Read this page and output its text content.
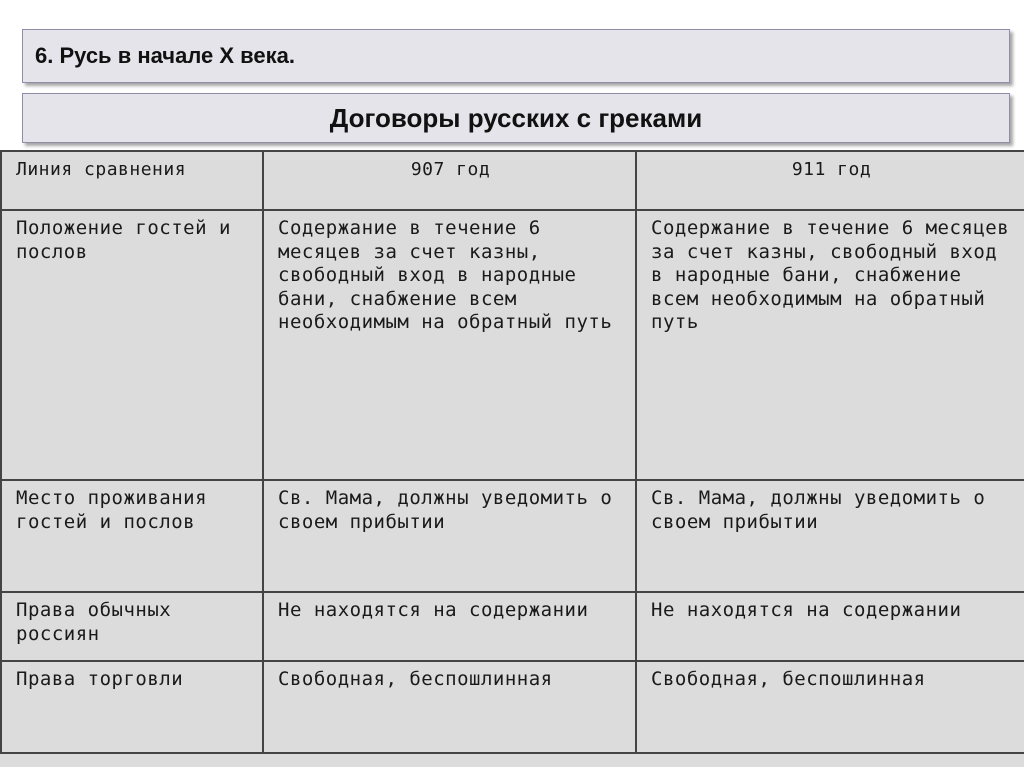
6. Русь в начале X века.
Договоры русских с греками
Линия сравнения	907 год	911 год
Положение гостей и послов	Содержание в течение 6 месяцев за счет казны, свободный вход в народные бани, снабжение всем необходимым на обратный путь	Содержание в течение 6 месяцев за счет казны, свободный вход в народные бани, снабжение всем необходимым на обратный путь
Место проживания гостей и послов	Св. Мама, должны уведомить о своем прибытии	Св. Мама, должны уведомить о своем прибытии
Права обычных россиян	Не находятся на содержании	Не находятся на содержании
Права торговли	Свободная, беспошлинная	Свободная, беспошлинная
